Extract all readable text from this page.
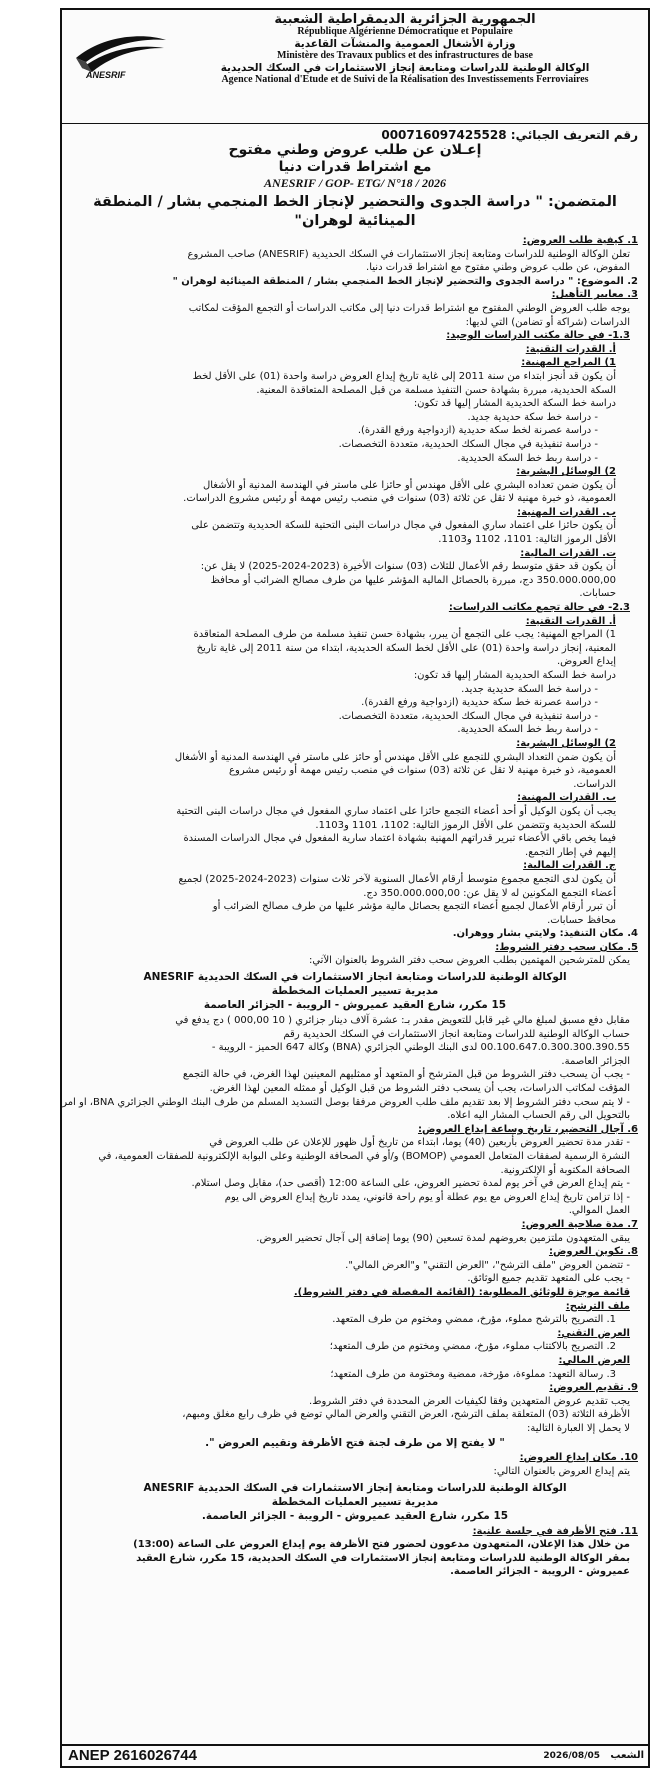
ANESRIF
الجمهورية الجزائرية الديمقراطية الشعبية
République Algérienne Démocratique et Populaire
وزارة الأشغال العمومية والمنشآت القاعدية
Ministère des Travaux publics et des infrastructures de base
الوكالة الوطنية للدراسات ومتابعة إنجاز الاستثمارات في السكك الحديدية
Agence National d'Etude et de Suivi de la Réalisation des Investissements Ferroviaires
رقم التعريف الجبائي: 000716097425528
إعـلان عن طلب عروض وطني مفتوح
مع اشتراط قدرات دنيا
ANESRIF / GOP- ETG/ N°18 / 2026
المتضمن: " دراسة الجدوى والتحضير لإنجاز الخط المنجمي بشار / المنطقة المينائية لوهران"
1. كيفية طلب العروض:
تعلن الوكالة الوطنية للدراسات ومتابعة إنجاز الاستثمارات في السكك الحديدية (ANESRIF) صاحب المشروع
المفوض، عن طلب عروض وطني مفتوح مع اشتراط قدرات دنيا.
2. الموضوع: " دراسة الجدوى والتحضير لإنجاز الخط المنجمي بشار / المنطقة المينائية لوهران "
3. معايير التأهيل:
يوجه طلب العروض الوطني المفتوح مع اشتراط قدرات دنيا إلى مكاتب الدراسات أو التجمع المؤقت لمكاتب
الدراسات (شراكة أو تضامن) التي لديها:
1.3- في حالة مكتب الدراسات الوحيد:
أ. القدرات التقنية:
1) المراجع المهنية:
أن يكون قد أنجز ابتداء من سنة 2011 إلى غاية تاريخ إيداع العروض دراسة واحدة (01) على الأقل لخط
السكة الحديدية، مبررة بشهادة حسن التنفيذ مسلمة من قبل المصلحة المتعاقدة المعنية.
دراسة خط السكة الحديدية المشار إليها قد تكون:
- دراسة خط سكة حديدية جديد.
- دراسة عصرنة لخط سكة حديدية (ازدواجية ورفع القدرة).
- دراسة تنفيذية في مجال السكك الحديدية، متعددة التخصصات.
- دراسة ربط خط السكة الحديدية.
2) الوسائل البشرية:
أن يكون ضمن تعداده البشري على الأقل مهندس أو حائزا على ماستر في الهندسة المدنية أو الأشغال
العمومية، ذو خبرة مهنية لا تقل عن ثلاثة (03) سنوات في منصب رئيس مهمة أو رئيس مشروع الدراسات.
ب. القدرات المهنية:
أن يكون حائزا على اعتماد ساري المفعول في مجال دراسات البنى التحتية للسكة الحديدية وتتضمن على
الأقل الرموز التالية: 1101، 1102 و1103.
ت. القدرات المالية:
أن يكون قد حقق متوسط رقم الأعمال للثلاث (03) سنوات الأخيرة (2023-2024-2025) لا يقل عن:
350.000.000,00 دج، مبررة بالحصائل المالية المؤشر عليها من طرف مصالح الضرائب أو محافظ
حسابات.
2.3- في حالة تجمع مكاتب الدراسات:
أ. القدرات التقنية:
1) المراجع المهنية: يجب على التجمع أن يبرر، بشهادة حسن تنفيذ مسلمة من طرف المصلحة المتعاقدة
المعنية، إنجاز دراسة واحدة (01) على الأقل لخط السكة الحديدية، ابتداء من سنة 2011 إلى غاية تاريخ
إيداع العروض.
دراسة خط السكة الحديدية المشار إليها قد تكون:
- دراسة خط السكة حديدية جديد.
- دراسة عصرنة خط سكة حديدية (ازدواجية ورفع القدرة).
- دراسة تنفيذية في مجال السكك الحديدية، متعددة التخصصات.
- دراسة ربط خط السكة الحديدية.
2) الوسائل البشرية:
أن يكون ضمن التعداد البشري للتجمع على الأقل مهندس أو حائز على ماستر في الهندسة المدنية أو الأشغال
العمومية، ذو خبرة مهنية لا تقل عن ثلاثة (03) سنوات في منصب رئيس مهمة أو رئيس مشروع
الدراسات.
ب. القدرات المهنية:
يجب أن يكون الوكيل أو أحد أعضاء التجمع حائزا على اعتماد ساري المفعول في مجال دراسات البنى التحتية
للسكة الحديدية وتتضمن على الأقل الرموز التالية: 1102، 1101 و1103.
فيما يخص باقي الأعضاء تبرير قدراتهم المهنية بشهادة اعتماد سارية المفعول في مجال الدراسات المسندة
إليهم في إطار التجمع.
ج. القدرات المالية:
أن يكون لدى التجمع مجموع متوسط أرقام الأعمال السنوية لآخر ثلاث سنوات (2023-2024-2025) لجميع
أعضاء التجمع المكونين له لا يقل عن: 350.000.000,00 دج.
أن تبرر أرقام الأعمال لجميع أعضاء التجمع بحصائل مالية مؤشر عليها من طرف مصالح الضرائب أو
محافظ حسابات.
4. مكان التنفيذ: ولايتي بشار ووهران.
5. مكان سحب دفتر الشروط:
يمكن للمترشحين المهتمين بطلب العروض سحب دفتر الشروط بالعنوان الآتي:
الوكالة الوطنية للدراسات ومتابعة انجاز الاستثمارات في السكك الحديدية ANESRIF
مديرية تسيير العمليات المخططة
15 مكرر، شارع العقيد عميروش - الرويبة - الجزائر العاصمة
مقابل دفع مسبق لمبلغ مالي غير قابل للتعويض مقدر بـ: عشرة آلاف دينار جزائري ( 10 000,00 ) دج يدفع في
حساب الوكالة الوطنية للدراسات ومتابعة انجاز الاستثمارات في السكك الحديدية رقم
00.100.647.0.300.300.390.55 لدى البنك الوطني الجزائري (BNA) وكالة 647 الحميز - الرويبة -
الجزائر العاصمة.
- يجب أن يسحب دفتر الشروط من قبل المترشح أو المتعهد أو ممثليهم المعينين لهذا الغرض، في حالة التجمع
المؤقت لمكاتب الدراسات، يجب أن يسحب دفتر الشروط من قبل الوكيل أو ممثله المعين لهذا الغرض.
- لا يتم سحب دفتر الشروط إلا بعد تقديم ملف طلب العروض مرفقا بوصل التسديد المسلم من طرف البنك الوطني الجزائري BNA، او امر
بالتحويل الى رقم الحساب المشار اليه اعلاه.
6. آجال التحضير، تاريخ وساعة إيداع العروض:
- تقدر مدة تحضير العروض بأربعين (40) يوما، ابتداء من تاريخ أول ظهور للإعلان عن طلب العروض في
النشرة الرسمية لصفقات المتعامل العمومي (BOMOP) و/أو في الصحافة الوطنية وعلى البوابة الإلكترونية للصفقات العمومية، في
الصحافة المكتوبة أو الإلكترونية.
- يتم إيداع العرض في آخر يوم لمدة تحضير العروض، على الساعة 12:00 (أقصى حد)، مقابل وصل استلام.
- إذا تزامن تاريخ إيداع العروض مع يوم عطلة أو يوم راحة قانوني، يمدد تاريخ إيداع العروض الى يوم
العمل الموالي.
7. مدة صلاحية العروض:
يبقى المتعهدون ملتزمين بعروضهم لمدة تسعين (90) يوما إضافة إلى آجال تحضير العروض.
8. تكوين العروض:
- تتضمن العروض "ملف الترشح"، "العرض التقني" و"العرض المالي".
- يجب على المتعهد تقديم جميع الوثائق.
قائمة موجزة للوثائق المطلوبة: (القائمة المفصلة في دفتر الشروط).
ملف الترشح:
1. التصريح بالترشح مملوء، مؤرخ، ممضي ومختوم من طرف المتعهد.
العرض التقني:
2. التصريح بالاكتتاب مملوء، مؤرخ، ممضي ومختوم من طرف المتعهد؛
العرض المالي:
3. رسالة التعهد: مملوءة، مؤرخة، ممضية ومختومة من طرف المتعهد؛
9. تقديم العروض:
يجب تقديم عروض المتعهدين وفقا لكيفيات العرض المحددة في دفتر الشروط.
الأظرفة الثلاثة (03) المتعلقة بملف الترشح، العرض التقني والعرض المالي توضع في ظرف رابع مغلق ومبهم،
لا يحمل إلا العبارة التالية:
" لا يفتح إلا من طرف لجنة فتح الأظرفة وتقييم العروض ".
10. مكان إيداع العروض:
يتم إيداع العروض بالعنوان التالي:
الوكالة الوطنية للدراسات ومتابعة إنجاز الاستثمارات في السكك الحديدية ANESRIF
مديرية تسيير العمليات المخططة
15 مكرر، شارع العقيد عميروش - الرويبة - الجزائر العاصمة.
11. فتح الأظرفة في جلسة علنية:
من خلال هذا الإعلان، المتعهدون مدعوون لحضور فتح الأظرفة يوم إيداع العروض على الساعة (13:00)
بمقر الوكالة الوطنية للدراسات ومتابعة إنجاز الاستثمارات في السكك الحديدية، 15 مكرر، شارع العقيد
عميروش - الرويبة - الجزائر العاصمة.
ANEP 2616026744	2026/08/05 الشعب
